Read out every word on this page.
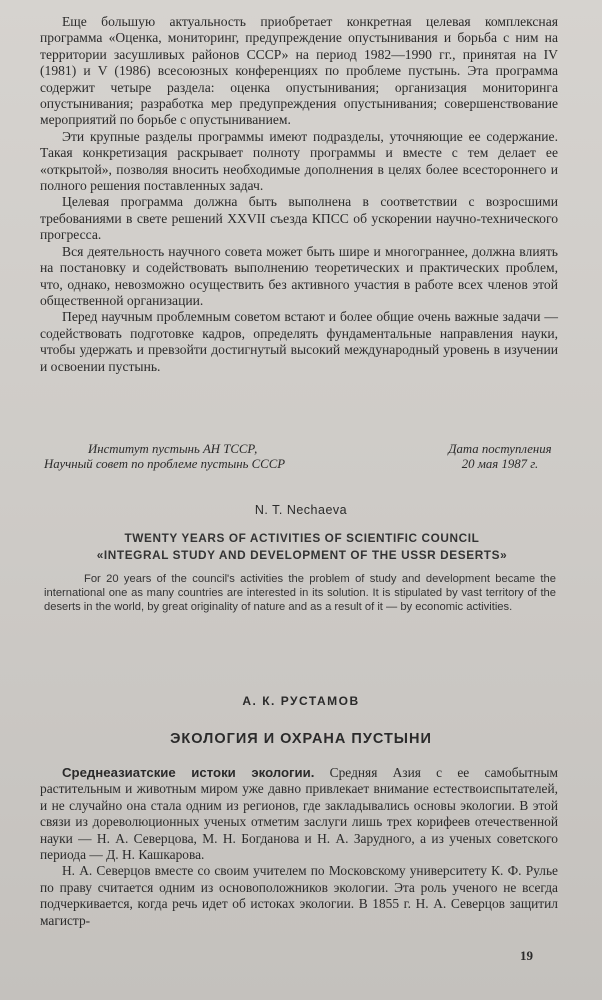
Еще большую актуальность приобретает конкретная целевая комплексная программа «Оценка, мониторинг, предупреждение опустынивания и борьба с ним на территории засушливых районов СССР» на период 1982—1990 гг., принятая на IV (1981) и V (1986) всесоюзных конференциях по проблеме пустынь. Эта программа содержит четыре раздела: оценка опустынивания; организация мониторинга опустынивания; разработка мер предупреждения опустынивания; совершенствование мероприятий по борьбе с опустыниванием.

Эти крупные разделы программы имеют подразделы, уточняющие ее содержание. Такая конкретизация раскрывает полноту программы и вместе с тем делает ее «открытой», позволяя вносить необходимые дополнения в целях более всестороннего и полного решения поставленных задач.

Целевая программа должна быть выполнена в соответствии с возросшими требованиями в свете решений XXVII съезда КПСС об ускорении научно-технического прогресса.

Вся деятельность научного совета может быть шире и многограннее, должна влиять на постановку и содействовать выполнению теоретических и практических проблем, что, однако, невозможно осуществить без активного участия в работе всех членов этой общественной организации.

Перед научным проблемным советом встают и более общие очень важные задачи — содействовать подготовке кадров, определять фундаментальные направления науки, чтобы удержать и превзойти достигнутый высокий международный уровень в изучении и освоении пустынь.

Институт пустынь АН ТССР,
Научный совет по проблеме пустынь СССР
Дата поступления
20 мая 1987 г.
N. T. Nechaeva
TWENTY YEARS OF ACTIVITIES OF SCIENTIFIC COUNCIL
«INTEGRAL STUDY AND DEVELOPMENT OF THE USSR DESERTS»

For 20 years of the council's activities the problem of study and development became the international one as many countries are interested in its solution. It is stipulated by vast territory of the deserts in the world, by great originality of nature and as a result of it — by economic activities.

А. К. РУСТАМОВ
ЭКОЛОГИЯ И ОХРАНА ПУСТЫНИ

Среднеазиатские истоки экологии. Средняя Азия с ее самобытным растительным и животным миром уже давно привлекает внимание естествоиспытателей, и не случайно она стала одним из регионов, где закладывались основы экологии. В этой связи из дореволюционных ученых отметим заслуги лишь трех корифеев отечественной науки — Н. А. Северцова, М. Н. Богданова и Н. А. Зарудного, а из ученых советского периода — Д. Н. Кашкарова.

Н. А. Северцов вместе со своим учителем по Московскому университету К. Ф. Рулье по праву считается одним из основоположников экологии. Эта роль ученого не всегда подчеркивается, когда речь идет об истоках экологии. В 1855 г. Н. А. Северцов защитил магистр-

19
